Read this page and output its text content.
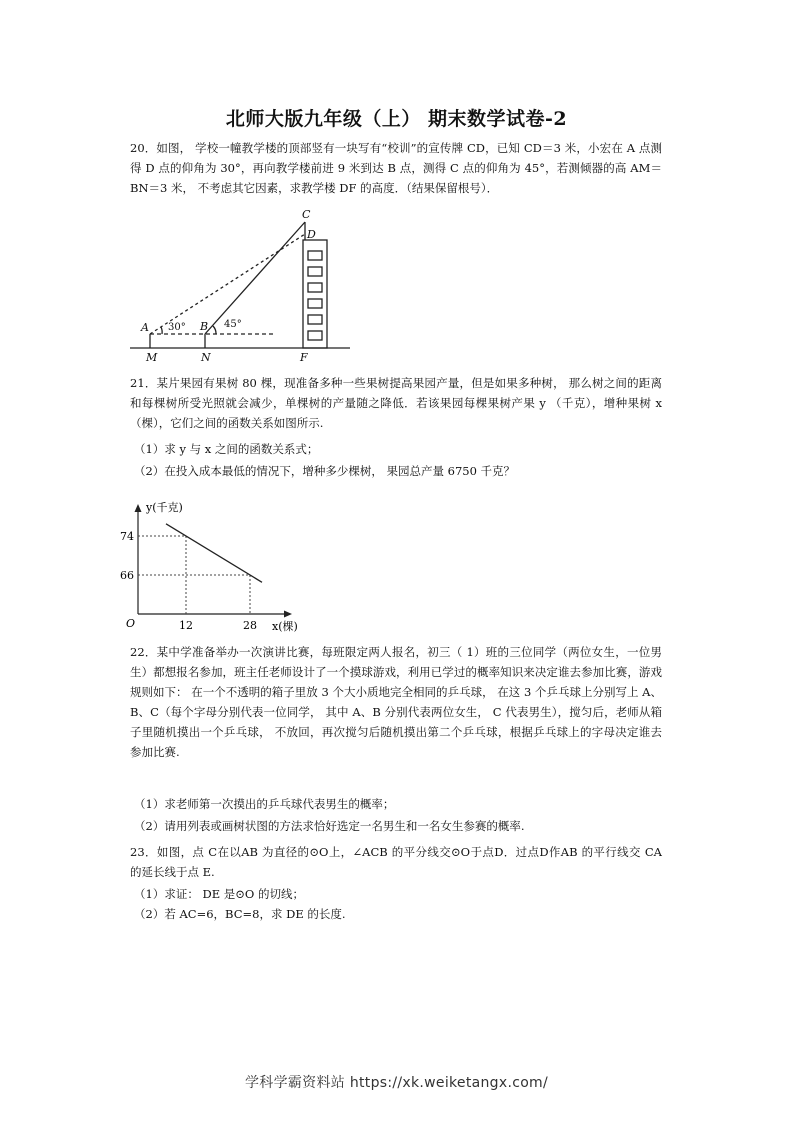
北师大版九年级（上） 期末数学试卷-2
20．如图， 学校一幢教学楼的顶部竖有一块写有“校训”的宣传牌 CD，已知 CD＝3 米，小宏在 A 点测得 D 点的仰角为 30°，再向教学楼前进 9 米到达 B 点，测得 C 点的仰角为 45°，若测倾器的高 AM＝BN＝3 米， 不考虑其它因素，求教学楼 DF 的高度．（结果保留根号）．
C
D
A	B
M	N	F
30°	45°
21．某片果园有果树 80 棵，现准备多种一些果树提高果园产量，但是如果多种树， 那么树之间的距离和每棵树所受光照就会减少，单棵树的产量随之降低．若该果园每棵果树产果 y （千克），增种果树 x （棵），它们之间的函数关系如图所示.
（1）求 y 与 x 之间的函数关系式；
（2）在投入成本最低的情况下，增种多少棵树， 果园总产量 6750 千克？
74
66
12	28
y(千克)
x(棵)
O
22．某中学准备举办一次演讲比赛，每班限定两人报名，初三（ 1）班的三位同学（两位女生，一位男生）都想报名参加，班主任老师设计了一个摸球游戏，利用已学过的概率知识来决定谁去参加比赛，游戏规则如下： 在一个不透明的箱子里放 3 个大小质地完全相同的乒乓球， 在这 3 个乒乓球上分别写上 A、B、C（每个字母分别代表一位同学， 其中 A、B 分别代表两位女生， C 代表男生），搅匀后，老师从箱子里随机摸出一个乒乓球， 不放回，再次搅匀后随机摸出第二个乒乓球，根据乒乓球上的字母决定谁去参加比赛.
（1）求老师第一次摸出的乒乓球代表男生的概率；
（2）请用列表或画树状图的方法求恰好选定一名男生和一名女生参赛的概率.
23．如图，点 C在以AB 为直径的⊙O上，∠ACB 的平分线交⊙O于点D．过点D作AB 的平行线交 CA 的延长线于点 E.
（1）求证： DE 是⊙O 的切线；
（2）若 AC=6，BC=8，求 DE 的长度.
学科学霸资料站 https://xk.weiketangx.com/
